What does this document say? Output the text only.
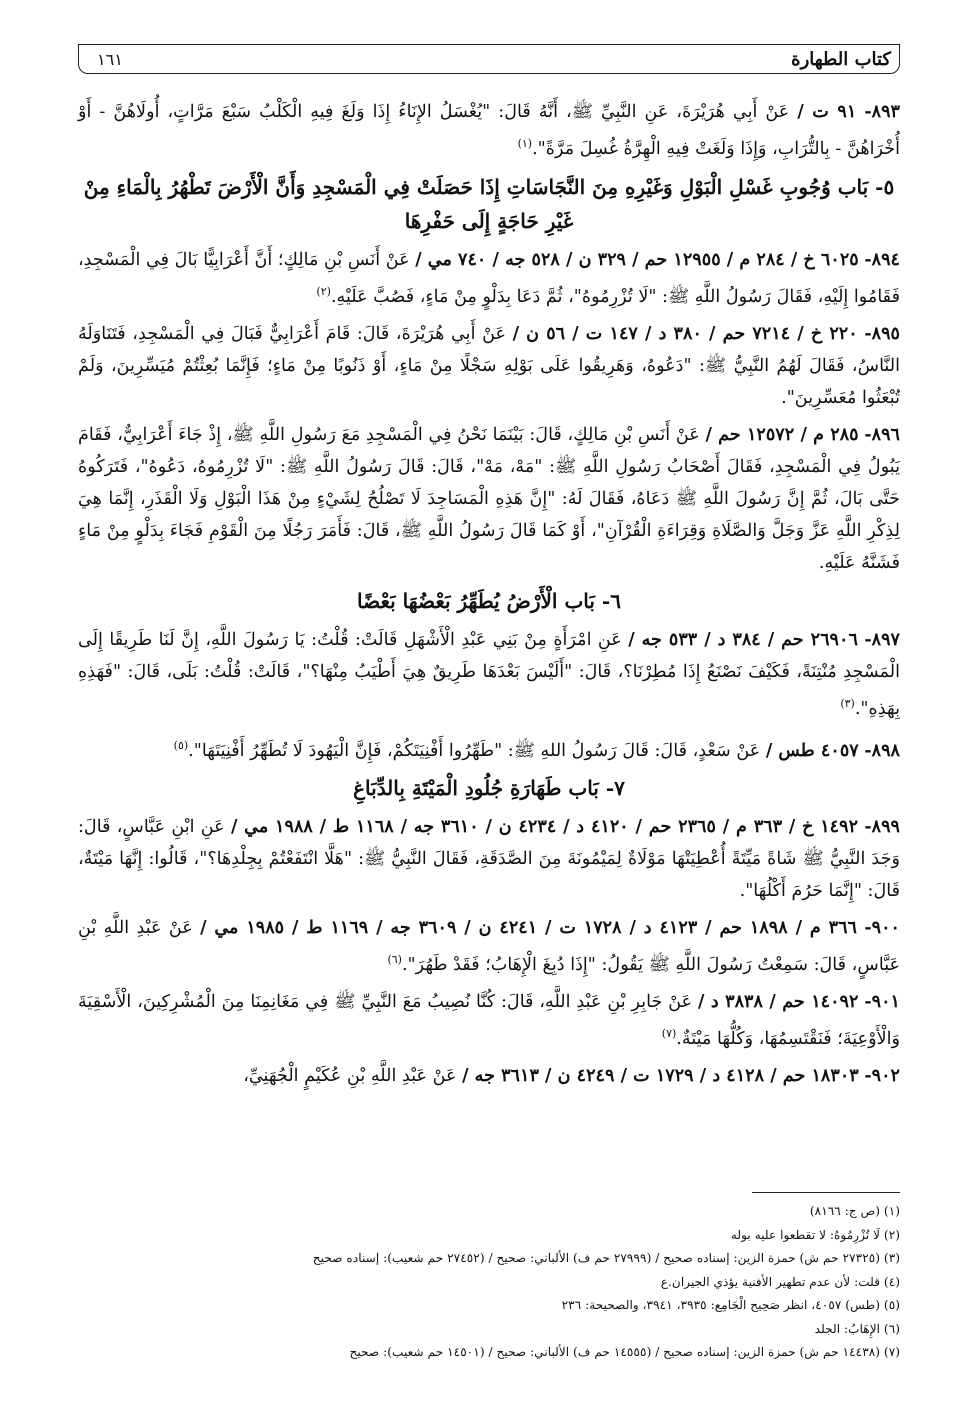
كتاب الطهارة
١٦١

٨٩٣- ٩١ ت / عَنْ أَبِي هُرَيْرَةَ، عَنِ النَّبِيِّ ﷺ، أَنَّهُ قَالَ: "يُغْسَلُ الإِنَاءُ إِذَا وَلَغَ فِيهِ الْكَلْبُ سَبْعَ مَرَّاتٍ، أُولَاهُنَّ - أَوْ أُخْرَاهُنَّ - بِالتُّرَابِ، وَإِذَا وَلَغَتْ فِيهِ الْهِرَّةُ غُسِلَ مَرَّةً".$^{(١)}$

٥- بَاب وُجُوبِ غَسْلِ الْبَوْلِ وَغَيْرِهِ مِنَ النَّجَاسَاتِ إِذَا حَصَلَتْ فِي الْمَسْجِدِ وَأَنَّ الْأَرْضَ تَطْهُرُ بِالْمَاءِ مِنْ غَيْرِ حَاجَةٍ إِلَى حَفْرِهَا

٨٩٤- ٦٠٢٥ خ / ٢٨٤ م / ١٢٩٥٥ حم / ٣٢٩ ن / ٥٢٨ جه / ٧٤٠ مي / عَنْ أَنَسِ بْنِ مَالِكٍ؛ أَنَّ أَعْرَابِيًّا بَالَ فِي الْمَسْجِدِ، فَقَامُوا إِلَيْهِ، فَقَالَ رَسُولُ اللَّهِ ﷺ: "لَا تُزْرِمُوهُ"، ثُمَّ دَعَا بِدَلْوٍ مِنْ مَاءٍ، فَصُبَّ عَلَيْهِ.$^{(٢)}$

٨٩٥- ٢٢٠ خ / ٧٢١٤ حم / ٣٨٠ د / ١٤٧ ت / ٥٦ ن / عَنْ أَبِي هُرَيْرَةَ، قَالَ: قَامَ أَعْرَابِيٌّ فَبَالَ فِي الْمَسْجِدِ، فَتَنَاوَلَهُ النَّاسُ، فَقَالَ لَهُمُ النَّبِيُّ ﷺ: "دَعُوهُ، وَهَرِيقُوا عَلَى بَوْلِهِ سَجْلًا مِنْ مَاءٍ، أَوْ ذَنُوبًا مِنْ مَاءٍ؛ فَإِنَّمَا بُعِثْتُمْ مُيَسِّرِينَ، وَلَمْ تُبْعَثُوا مُعَسِّرِينَ".

٨٩٦- ٢٨٥ م / ١٢٥٧٢ حم / عَنْ أَنَسِ بْنِ مَالِكٍ، قَالَ: بَيْنَمَا نَحْنُ فِي الْمَسْجِدِ مَعَ رَسُولِ اللَّهِ ﷺ، إِذْ جَاءَ أَعْرَابِيٌّ، فَقَامَ يَبُولُ فِي الْمَسْجِدِ، فَقَالَ أَصْحَابُ رَسُولِ اللَّهِ ﷺ: "مَهْ، مَهْ"، قَالَ: قَالَ رَسُولُ اللَّهِ ﷺ: "لَا تُزْرِمُوهُ، دَعُوهُ"، فَتَرَكُوهُ حَتَّى بَالَ، ثُمَّ إِنَّ رَسُولَ اللَّهِ ﷺ دَعَاهُ، فَقَالَ لَهُ: "إِنَّ هَذِهِ الْمَسَاجِدَ لَا تَصْلُحُ لِشَيْءٍ مِنْ هَذَا الْبَوْلِ وَلَا الْقَذَرِ، إِنَّمَا هِيَ لِذِكْرِ اللَّهِ عَزَّ وَجَلَّ وَالصَّلَاةِ وَقِرَاءَةِ الْقُرْآنِ"، أَوْ كَمَا قَالَ رَسُولُ اللَّهِ ﷺ، قَالَ: فَأَمَرَ رَجُلًا مِنَ الْقَوْمِ فَجَاءَ بِدَلْوٍ مِنْ مَاءٍ فَشَنَّهُ عَلَيْهِ.

٦- بَاب الْأَرْضُ يُطَهِّرُ بَعْضُهَا بَعْضًا

٨٩٧- ٢٦٩٠٦ حم / ٣٨٤ د / ٥٣٣ جه / عَنِ امْرَأَةٍ مِنْ بَنِي عَبْدِ الْأَشْهَلِ قَالَتْ: قُلْتُ: يَا رَسُولَ اللَّهِ، إِنَّ لَنَا طَرِيقًا إِلَى الْمَسْجِدِ مُنْتِنَةً، فَكَيْفَ نَصْنَعُ إِذَا مُطِرْنَا؟، قَالَ: "أَلَيْسَ بَعْدَهَا طَرِيقٌ هِيَ أَطْيَبُ مِنْهَا؟"، قَالَتْ: قُلْتُ: بَلَى، قَالَ: "فَهَذِهِ بِهَذِهِ".$^{(٣)}$

٨٩٨- ٤٠٥٧ طس / عَنْ سَعْدٍ، قَالَ: قَالَ رَسُولُ اللهِ ﷺ: "طَهِّرُوا أَفْنِيَتَكُمْ، فَإِنَّ الْيَهُودَ لَا تُطَهِّرُ أَفْنِيَتَهَا".$^{(٥)}$

٧- بَاب طَهَارَةِ جُلُودِ الْمَيْتَةِ بِالدِّبَاغِ

٨٩٩- ١٤٩٢ خ / ٣٦٣ م / ٢٣٦٥ حم / ٤١٢٠ د / ٤٢٣٤ ن / ٣٦١٠ جه / ١١٦٨ ط / ١٩٨٨ مي / عَنِ ابْنِ عَبَّاسٍ، قَالَ: وَجَدَ النَّبِيُّ ﷺ شَاةً مَيِّتَةً أُعْطِيَتْهَا مَوْلَاةٌ لِمَيْمُونَةَ مِنَ الصَّدَقَةِ، فَقَالَ النَّبِيُّ ﷺ: "هَلَّا انْتَفَعْتُمْ بِجِلْدِهَا؟"، قَالُوا: إِنَّهَا مَيْتَةٌ، قَالَ: "إِنَّمَا حَرُمَ أَكْلُهَا".

٩٠٠- ٣٦٦ م / ١٨٩٨ حم / ٤١٢٣ د / ١٧٢٨ ت / ٤٢٤١ ن / ٣٦٠٩ جه / ١١٦٩ ط / ١٩٨٥ مي / عَنْ عَبْدِ اللَّهِ بْنِ عَبَّاسٍ، قَالَ: سَمِعْتُ رَسُولَ اللَّهِ ﷺ يَقُولُ: "إِذَا دُبِغَ الْإِهَابُ؛ فَقَدْ طَهُرَ".$^{(٦)}$

٩٠١- ١٤٠٩٢ حم / ٣٨٣٨ د / عَنْ جَابِرِ بْنِ عَبْدِ اللَّهِ، قَالَ: كُنَّا نُصِيبُ مَعَ النَّبِيِّ ﷺ فِي مَغَانِمِنَا مِنَ الْمُشْرِكِينَ، الْأَسْقِيَةَ وَالْأَوْعِيَةَ؛ فَنَقْتَسِمُهَا، وَكُلُّهَا مَيْتَةٌ.$^{(٧)}$

٩٠٢- ١٨٣٠٣ حم / ٤١٢٨ د / ١٧٢٩ ت / ٤٢٤٩ ن / ٣٦١٣ جه / عَنْ عَبْدِ اللَّهِ بْنِ عُكَيْمٍ الْجُهَنِيِّ،

(١) (ص ج: ٨١٦٦)

(٢) لَا تُزْرِمُوهُ: لا تقطعوا عليه بوله

(٣) (٢٧٣٢٥ حم ش) حمزة الزين: إسناده صحيح / (٢٧٩٩٩ حم ف) الألباني: صحيح / (٢٧٤٥٢ حم شعيب): إسناده صحيح

(٤) قلت: لأن عدم تطهير الأفنية يؤذي الجيران.ع

(٥) (طس) ٤٠٥٧، انظر صَحِيح الْجَامِع: ٣٩٣٥، ٣٩٤١، والصحيحة: ٢٣٦

(٦) الإِهَابُ: الجلد

(٧) (١٤٤٣٨ حم ش) حمزة الزين: إسناده صحيح / (١٤٥٥٥ حم ف) الألباني: صحيح / (١٤٥٠١ حم شعيب): صحيح
